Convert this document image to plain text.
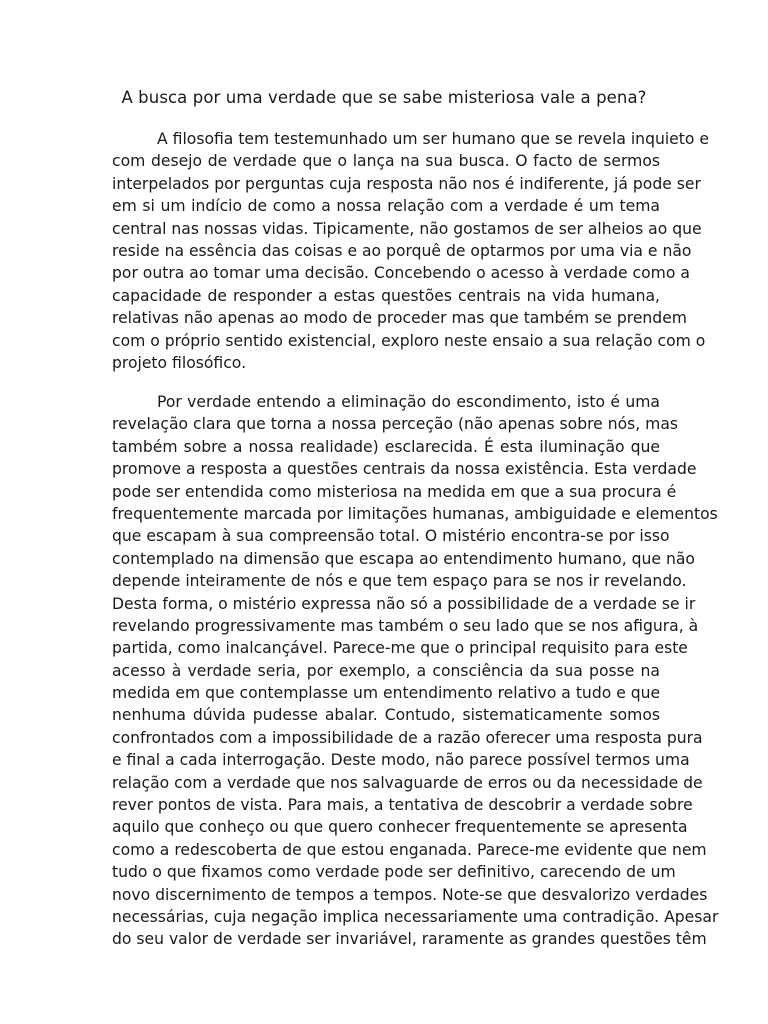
A busca por uma verdade que se sabe misteriosa vale a pena?
A filosofia tem testemunhado um ser humano que se revela inquieto e
com desejo de verdade que o lança na sua busca. O facto de sermos
interpelados por perguntas cuja resposta não nos é indiferente, já pode ser
em si um indício de como a nossa relação com a verdade é um tema
central nas nossas vidas. Tipicamente, não gostamos de ser alheios ao que
reside na essência das coisas e ao porquê de optarmos por uma via e não
por outra ao tomar uma decisão. Concebendo o acesso à verdade como a
capacidade de responder a estas questões centrais na vida humana,
relativas não apenas ao modo de proceder mas que também se prendem
com o próprio sentido existencial, exploro neste ensaio a sua relação com o
projeto filosófico.
Por verdade entendo a eliminação do escondimento, isto é uma
revelação clara que torna a nossa perceção (não apenas sobre nós, mas
também sobre a nossa realidade) esclarecida. É esta iluminação que
promove a resposta a questões centrais da nossa existência. Esta verdade
pode ser entendida como misteriosa na medida em que a sua procura é
frequentemente marcada por limitações humanas, ambiguidade e elementos
que escapam à sua compreensão total. O mistério encontra-se por isso
contemplado na dimensão que escapa ao entendimento humano, que não
depende inteiramente de nós e que tem espaço para se nos ir revelando.
Desta forma, o mistério expressa não só a possibilidade de a verdade se ir
revelando progressivamente mas também o seu lado que se nos afigura, à
partida, como inalcançável. Parece-me que o principal requisito para este
acesso à verdade seria, por exemplo, a consciência da sua posse na
medida em que contemplasse um entendimento relativo a tudo e que
nenhuma dúvida pudesse abalar. Contudo, sistematicamente somos
confrontados com a impossibilidade de a razão oferecer uma resposta pura
e final a cada interrogação. Deste modo, não parece possível termos uma
relação com a verdade que nos salvaguarde de erros ou da necessidade de
rever pontos de vista. Para mais, a tentativa de descobrir a verdade sobre
aquilo que conheço ou que quero conhecer frequentemente se apresenta
como a redescoberta de que estou enganada. Parece-me evidente que nem
tudo o que fixamos como verdade pode ser definitivo, carecendo de um
novo discernimento de tempos a tempos. Note-se que desvalorizo verdades
necessárias, cuja negação implica necessariamente uma contradição. Apesar
do seu valor de verdade ser invariável, raramente as grandes questões têm
